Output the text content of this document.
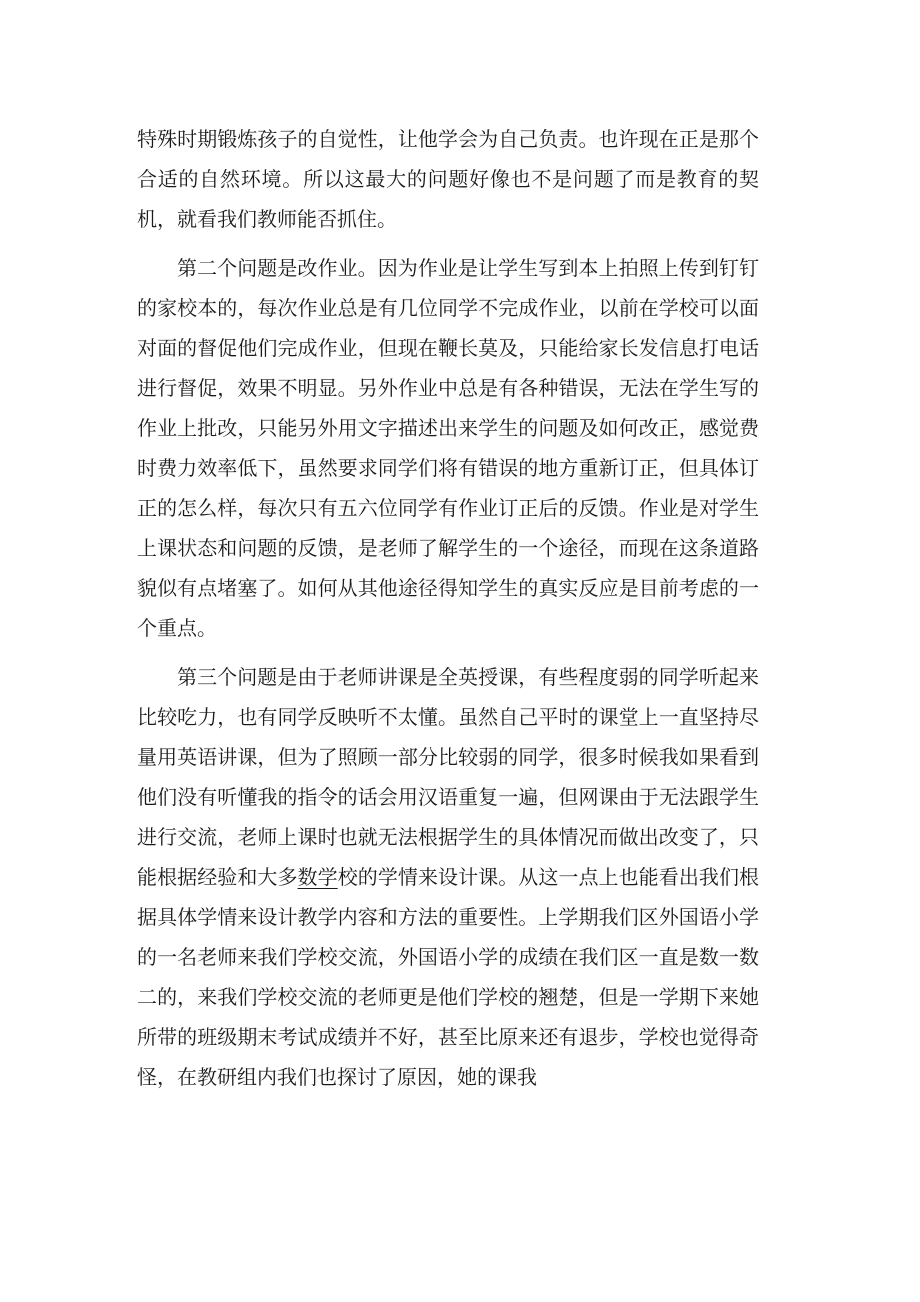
特殊时期锻炼孩子的自觉性，让他学会为自己负责。也许现在正是那个合适的自然环境。所以这最大的问题好像也不是问题了而是教育的契机，就看我们教师能否抓住。

第二个问题是改作业。因为作业是让学生写到本上拍照上传到钉钉的家校本的，每次作业总是有几位同学不完成作业，以前在学校可以面对面的督促他们完成作业，但现在鞭长莫及，只能给家长发信息打电话进行督促，效果不明显。另外作业中总是有各种错误，无法在学生写的作业上批改，只能另外用文字描述出来学生的问题及如何改正，感觉费时费力效率低下，虽然要求同学们将有错误的地方重新订正，但具体订正的怎么样，每次只有五六位同学有作业订正后的反馈。作业是对学生上课状态和问题的反馈，是老师了解学生的一个途径，而现在这条道路貌似有点堵塞了。如何从其他途径得知学生的真实反应是目前考虑的一个重点。

第三个问题是由于老师讲课是全英授课，有些程度弱的同学听起来比较吃力，也有同学反映听不太懂。虽然自己平时的课堂上一直坚持尽量用英语讲课，但为了照顾一部分比较弱的同学，很多时候我如果看到他们没有听懂我的指令的话会用汉语重复一遍，但网课由于无法跟学生进行交流，老师上课时也就无法根据学生的具体情况而做出改变了，只能根据经验和大多数学校的学情来设计课。从这一点上也能看出我们根据具体学情来设计教学内容和方法的重要性。上学期我们区外国语小学的一名老师来我们学校交流，外国语小学的成绩在我们区一直是数一数二的，来我们学校交流的老师更是他们学校的翘楚，但是一学期下来她所带的班级期末考试成绩并不好，甚至比原来还有退步，学校也觉得奇怪，在教研组内我们也探讨了原因，她的课我
